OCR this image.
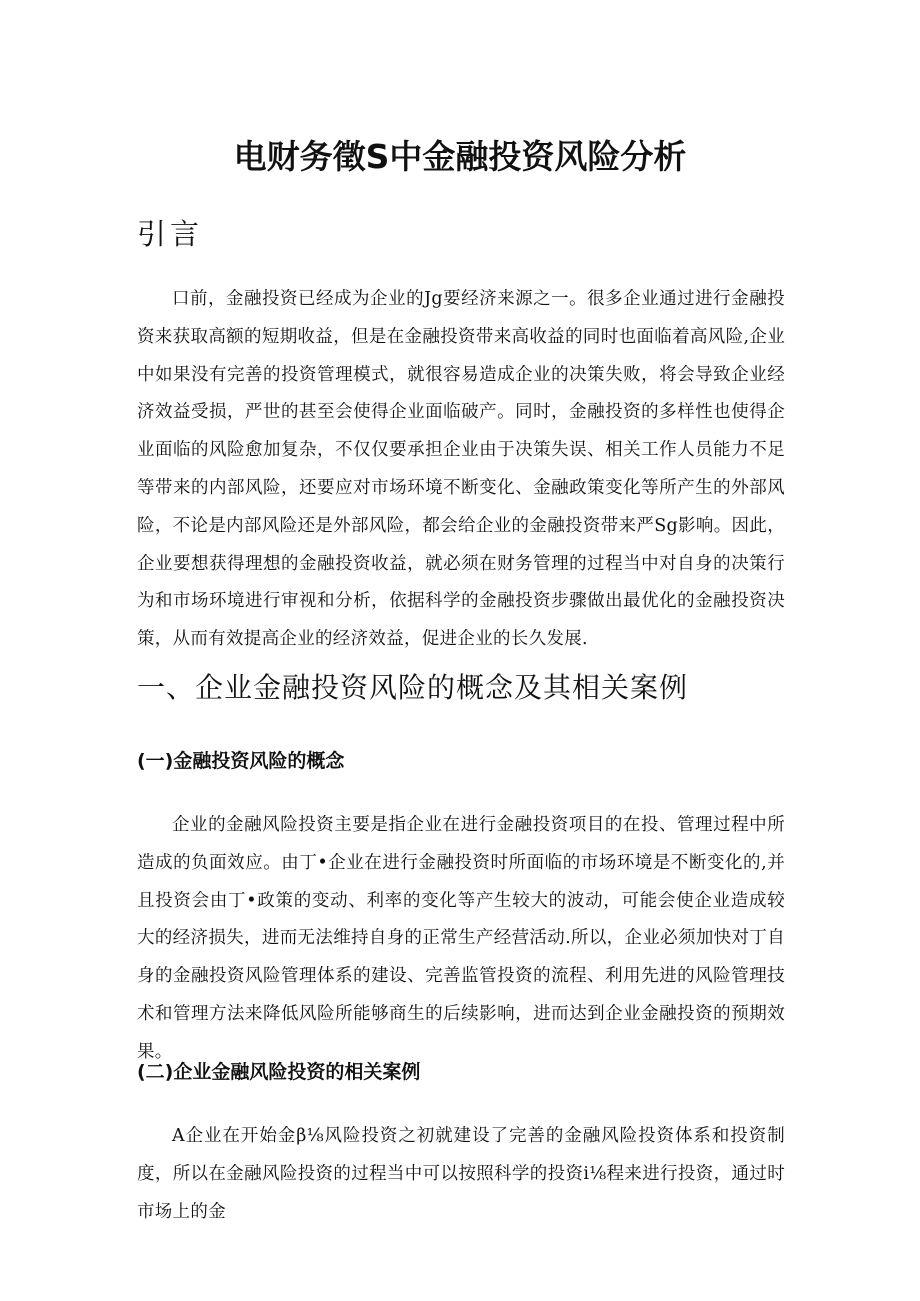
电财务徵S中金融投资风险分析
引言

口前，金融投资已经成为企业的Jg要经济来源之一。很多企业通过进行金融投资来获取高额的短期收益，但是在金融投资带来高收益的同时也面临着高风险,企业中如果没有完善的投资管理模式，就很容易造成企业的决策失败，将会导致企业经济效益受损，严世的甚至会使得企业面临破产。同时，金融投资的多样性也使得企业面临的风险愈加复杂，不仅仅要承担企业由于决策失误、相关工作人员能力不足等带来的内部风险，还要应对市场环境不断变化、金融政策变化等所产生的外部风险，不论是内部风险还是外部风险，都会给企业的金融投资带来严Sg影响。因此，企业要想获得理想的金融投资收益，就必须在财务管理的过程当中对自身的决策行为和市场环境进行审视和分析，依据科学的金融投资步骤做出最优化的金融投资决策，从而有效提高企业的经济效益，促进企业的长久发展.

一、企业金融投资风险的概念及其相关案例
(一)金融投资风险的概念

企业的金融风险投资主要是指企业在进行金融投资项目的在投、管理过程中所造成的负面效应。由丁•企业在进行金融投资时所面临的市场环境是不断变化的,并且投资会由丁•政策的变动、利率的变化等产生较大的波动，可能会使企业造成较大的经济损失，进而无法维持自身的正常生产经营活动.所以，企业必须加快对丁自身的金融投资风险管理体系的建设、完善监管投资的流程、利用先进的风险管理技术和管理方法来降低风险所能够商生的后续影响，进而达到企业金融投资的预期效果。

(二)企业金融风险投资的相关案例

A企业在开始金β⅛风险投资之初就建设了完善的金融风险投资体系和投资制度，所以在金融风险投资的过程当中可以按照科学的投资i⅛程来进行投资，通过时市场上的金
